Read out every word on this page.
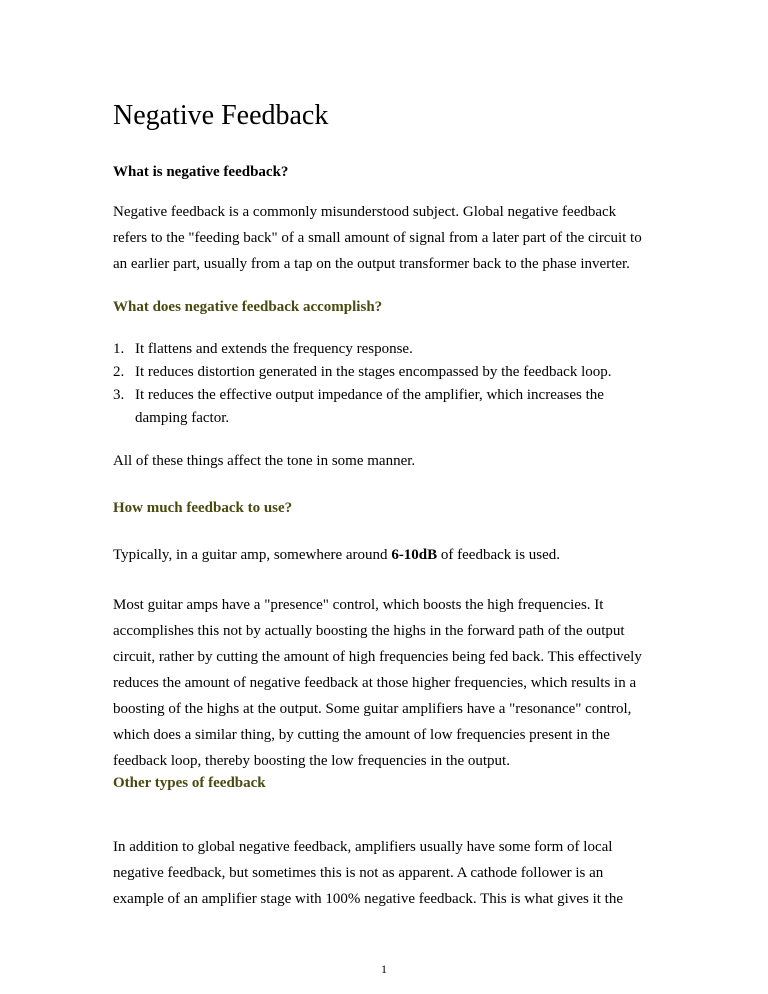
Negative Feedback
What is negative feedback?

Negative feedback is a commonly misunderstood subject. Global negative feedback
refers to the "feeding back" of a small amount of signal from a later part of the circuit to
an earlier part, usually from a tap on the output transformer back to the phase inverter.

What does negative feedback accomplish?
1. It flattens and extends the frequency response.
2. It reduces distortion generated in the stages encompassed by the feedback loop.
3. It reduces the effective output impedance of the amplifier, which increases the
damping factor.

All of these things affect the tone in some manner.

How much feedback to use?

Typically, in a guitar amp, somewhere around 6-10dB of feedback is used.

Most guitar amps have a "presence" control, which boosts the high frequencies. It
accomplishes this not by actually boosting the highs in the forward path of the output
circuit, rather by cutting the amount of high frequencies being fed back. This effectively
reduces the amount of negative feedback at those higher frequencies, which results in a
boosting of the highs at the output. Some guitar amplifiers have a "resonance" control,
which does a similar thing, by cutting the amount of low frequencies present in the
feedback loop, thereby boosting the low frequencies in the output.

Other types of feedback

In addition to global negative feedback, amplifiers usually have some form of local
negative feedback, but sometimes this is not as apparent. A cathode follower is an
example of an amplifier stage with 100% negative feedback. This is what gives it the

1
